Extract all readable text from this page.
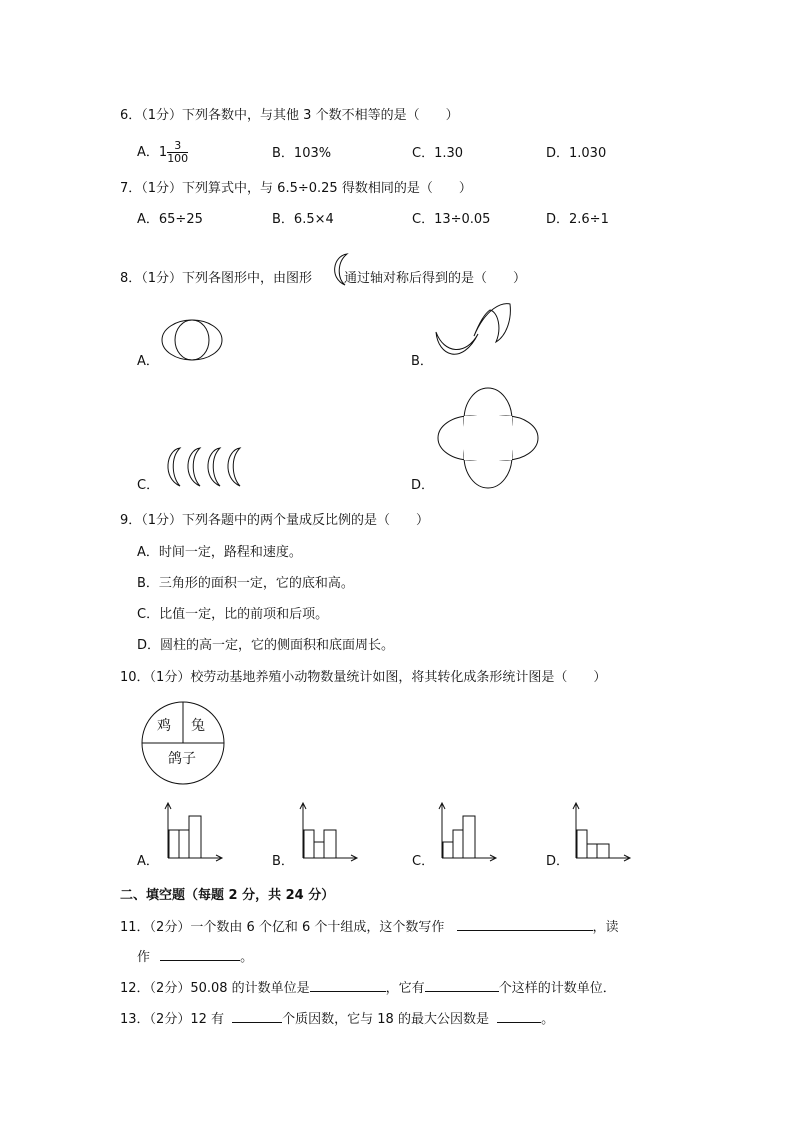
6．（1分）下列各数中，与其他 3 个数不相等的是（　　）
A．$1 \frac{3}{100}$	B．103%	C．1.30	D．1.030
7．（1分）下列算式中，与 6.5÷0.25 得数相同的是（　　）
A．65÷25	B．6.5×4	C．13÷0.05	D．2.6÷1
8．（1分）下列各图形中，由图形 通过轴对称后得到的是（　　）
A．	B．
C．	D．
9．（1分）下列各题中的两个量成反比例的是（　　）
A．时间一定，路程和速度。
B．三角形的面积一定，它的底和高。
C．比值一定，比的前项和后项。
D．圆柱的高一定，它的侧面积和底面周长。
10．（1分）校劳动基地养殖小动物数量统计如图，将其转化成条形统计图是（　　）
鸡 兔
鸽子
A．	B．	C．	D．
二、填空题（每题 2 分，共 24 分）
11．（2分）一个数由 6 个亿和 6 个十组成，这个数写作	，读
作	。
12．（2分）50.08 的计数单位是	，它有	个这样的计数单位．
13．（2分）12 有	个质因数，它与 18 的最大公因数是	。
